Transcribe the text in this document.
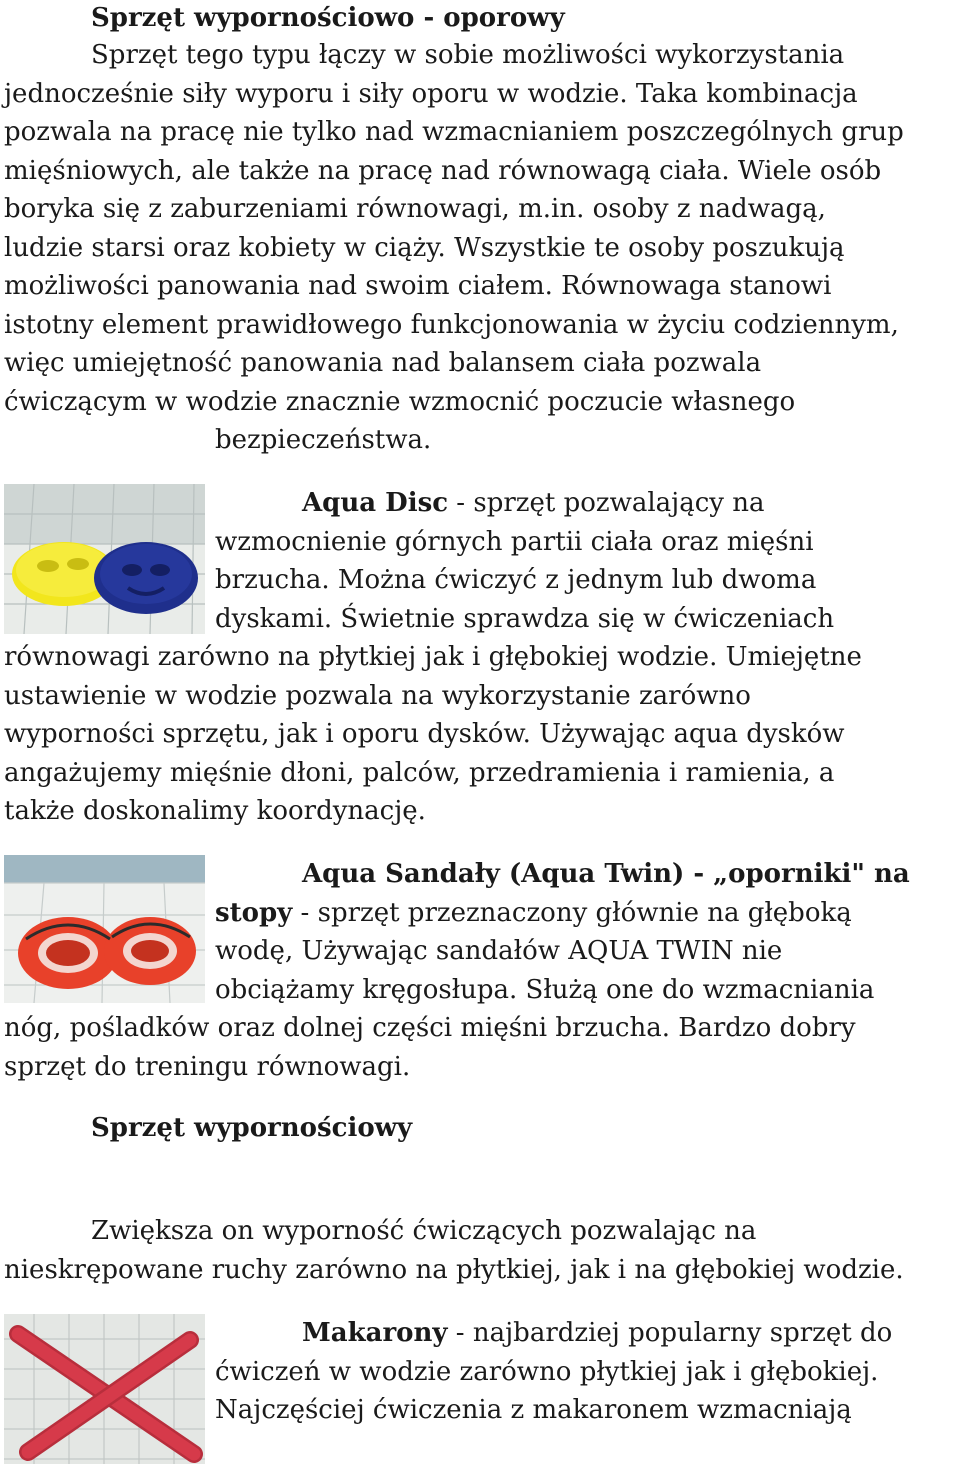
Sprzęt wypornościowo - oporowy
Sprzęt tego typu łączy w sobie możliwości wykorzystania
jednocześnie siły wyporu i siły oporu w wodzie. Taka kombinacja
pozwala na pracę nie tylko nad wzmacnianiem poszczególnych grup
mięśniowych, ale także na pracę nad równowagą ciała. Wiele osób
boryka się z zaburzeniami równowagi, m.in. osoby z nadwagą,
ludzie starsi oraz kobiety w ciąży. Wszystkie te osoby poszukują
możliwości panowania nad swoim ciałem. Równowaga stanowi
istotny element prawidłowego funkcjonowania w życiu codziennym,
więc umiejętność panowania nad balansem ciała pozwala
ćwiczącym w wodzie znacznie wzmocnić poczucie własnego
bezpieczeństwa.
Aqua Disc - sprzęt pozwalający na
wzmocnienie górnych partii ciała oraz mięśni
brzucha. Można ćwiczyć z jednym lub dwoma
dyskami. Świetnie sprawdza się w ćwiczeniach
równowagi zarówno na płytkiej jak i głębokiej wodzie. Umiejętne
ustawienie w wodzie pozwala na wykorzystanie zarówno
wyporności sprzętu, jak i oporu dysków. Używając aqua dysków
angażujemy mięśnie dłoni, palców, przedramienia i ramienia, a
także doskonalimy koordynację.
Aqua Sandały (Aqua Twin) - „oporniki" na
stopy - sprzęt przeznaczony głównie na głęboką
wodę, Używając sandałów AQUA TWIN nie
obciążamy kręgosłupa. Służą one do wzmacniania
nóg, pośladków oraz dolnej części mięśni brzucha. Bardzo dobry
sprzęt do treningu równowagi.
Sprzęt wypornościowy
Zwiększa on wyporność ćwiczących pozwalając na
nieskrępowane ruchy zarówno na płytkiej, jak i na głębokiej wodzie.
Makarony - najbardziej popularny sprzęt do
ćwiczeń w wodzie zarówno płytkiej jak i głębokiej.
Najczęściej ćwiczenia z makaronem wzmacniają
